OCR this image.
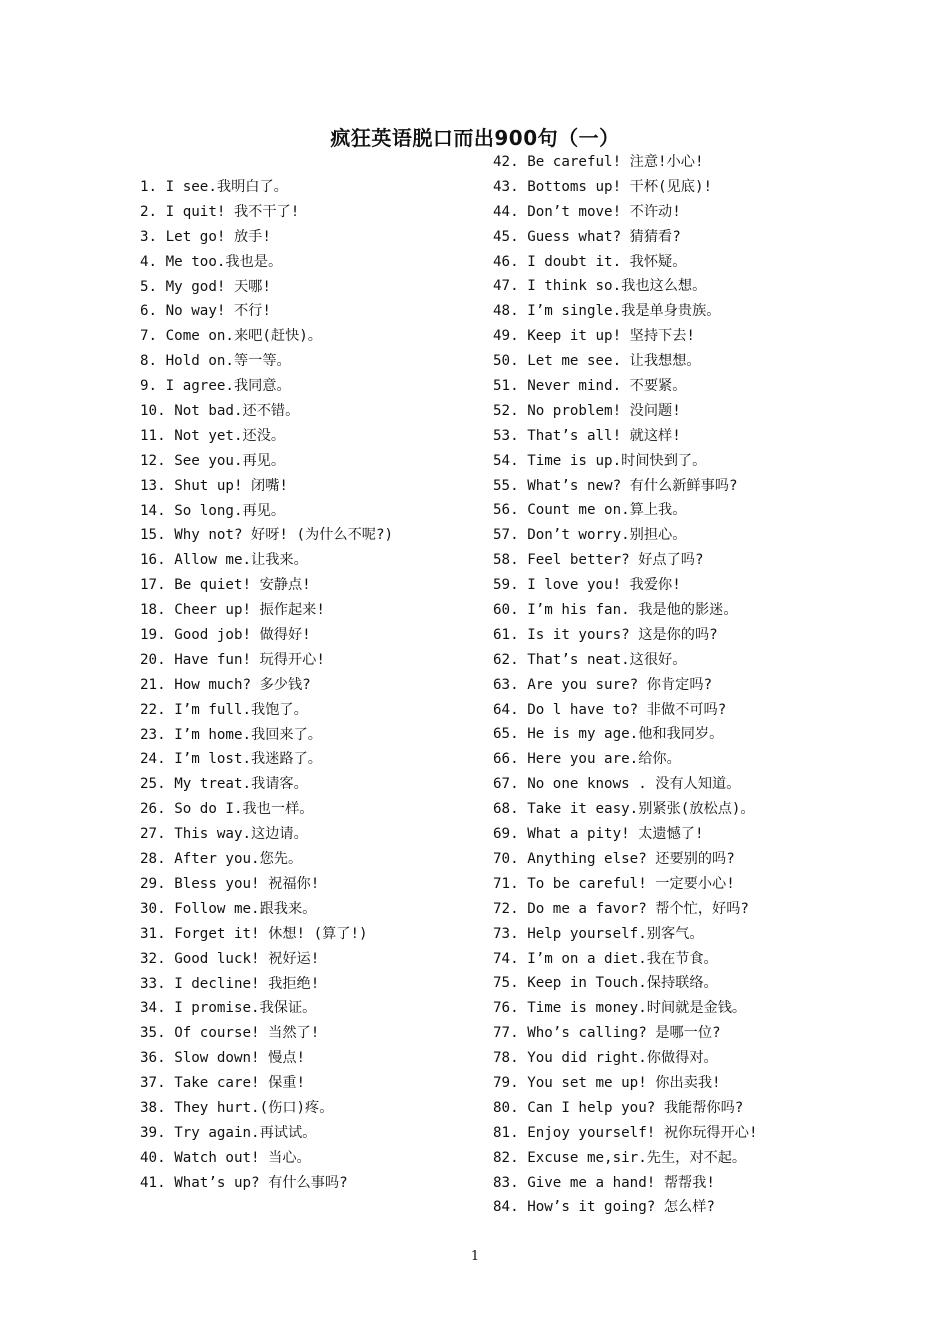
疯狂英语脱口而出900句（一）
1 . I see.我明白了。
2 . I quit! 我不干了!
3 . Let go! 放手!
4 . Me too.我也是。
5 . My god! 天哪!
6 . No way! 不行!
7 . Come on.来吧(赶快)。
8 . Hold on.等一等。
9 . I agree.我同意。
10 . Not bad.还不错。
11 . Not yet.还没。
12 . See you.再见。
13 . Shut up! 闭嘴!
14 . So long.再见。
15 . Why not? 好呀! (为什么不呢?)
16 . Allow me.让我来。
17 . Be quiet! 安静点!
18 . Cheer up! 振作起来!
19 . Good job! 做得好!
20 . Have fun! 玩得开心!
21 . How much? 多少钱?
22 . I’m full.我饱了。
23 . I’m home.我回来了。
24 . I’m lost.我迷路了。
25 . My treat.我请客。
26 . So do I.我也一样。
27 . This way.这边请。
28 . After you.您先。
29 . Bless you! 祝福你!
30 . Follow me.跟我来。
31 . Forget it! 休想! (算了!)
32 . Good luck! 祝好运!
33 . I decline! 我拒绝!
34 . I promise.我保证。
35 . Of course! 当然了!
36 . Slow down! 慢点!
37 . Take care! 保重!
38 . They hurt.(伤口)疼。
39 . Try again.再试试。
40 . Watch out! 当心。
41 . What’s up? 有什么事吗?
42 . Be careful! 注意!小心!
43 . Bottoms up! 干杯(见底)!
44 . Don’t move! 不许动!
45 . Guess what? 猜猜看?
46 . I doubt it. 我怀疑。
47 . I think so.我也这么想。
48 . I’m single.我是单身贵族。
49 . Keep it up! 坚持下去!
50 . Let me see. 让我想想。
51 . Never mind. 不要紧。
52 . No problem! 没问题!
53 . That’s all! 就这样!
54 . Time is up.时间快到了。
55 . What’s new? 有什么新鲜事吗?
56 . Count me on.算上我。
57 . Don’t worry.别担心。
58 . Feel better? 好点了吗?
59 . I love you! 我爱你!
60 . I’m his fan. 我是他的影迷。
61 . Is it yours? 这是你的吗?
62 . That’s neat.这很好。
63 . Are you sure? 你肯定吗?
64 . Do l have to? 非做不可吗?
65 . He is my age.他和我同岁。
66 . Here you are.给你。
67 . No one knows . 没有人知道。
68 . Take it easy.别紧张(放松点)。
69 . What a pity! 太遗憾了!
70 . Anything else? 还要别的吗?
71 . To be careful! 一定要小心!
72 . Do me a favor? 帮个忙，好吗?
73 . Help yourself.别客气。
74 . I’m on a diet.我在节食。
75 . Keep in Touch.保持联络。
76 . Time is money.时间就是金钱。
77 . Who’s calling? 是哪一位?
78 . You did right.你做得对。
79 . You set me up! 你出卖我!
80 . Can I help you? 我能帮你吗?
81 . Enjoy yourself! 祝你玩得开心!
82 . Excuse me,sir.先生，对不起。
83 . Give me a hand! 帮帮我!
84 . How’s it going? 怎么样?
1
